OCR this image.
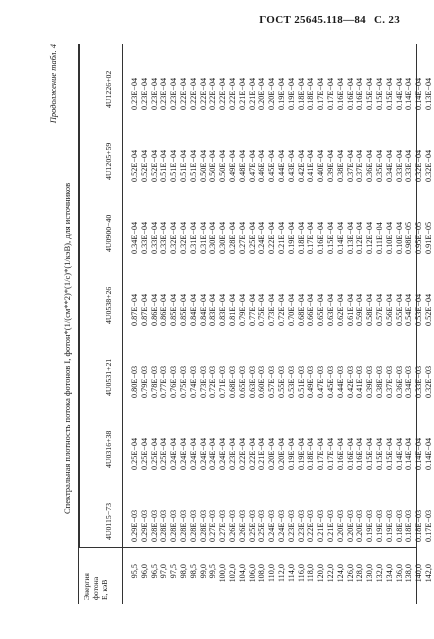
ГОСТ 25645.118—84 С. 23
Продолжение табл. 4
Спектральная плотность потока фотонов I, фотон*(1/(см**2)*(1/с)*(1/кэВ), для источников
Энергия фотона E, кэВ
4U0115−73
4U0316+38
4U0531+21
4U0538+26
4U0900−40
4U1205+59
4U1226+02
95,5 96,0 96,5 97,0 97,5 98,0 98,5 99,0 99,5 100,0 102,0 104,0 106,0 108,0 110,0 112,0 114,0 116,0 118,0 120,0 122,0 124,0 126,0 128,0 130,0 132,0 134,0 136,0 138,0 140,0 142,0
0.29E−03 0.29E−03 0.28E−03 0.28E−03 0.28E−03 0.28E−03 0.28E−03 0.28E−03 0.27E−03 0.27E−03 0.26E−03 0.26E−03 0.25E−03 0.25E−03 0.24E−03 0.24E−03 0.23E−03 0.23E−03 0.22E−03 0.21E−03 0.21E−03 0.20E−03 0.20E−03 0.20E−03 0.19E−03 0.19E−03 0.19E−03 0.18E−03 0.18E−03 0.18E−03 0.17E−03
0.25E−04 0.25E−04 0.25E−04 0.25E−04 0.24E−04 0.24E−04 0.24E−04 0.24E−04 0.24E−04 0.24E−04 0.23E−04 0.22E−04 0.22E−04 0.21E−04 0.20E−04 0.20E−04 0.19E−04 0.19E−04 0.18E−04 0.17E−04 0.17E−04 0.16E−04 0.16E−04 0.16E−04 0.15E−04 0.15E−04 0.15E−04 0.14E−04 0.14E−04 0.14E−04 0.14E−04
0.80E−03 0.79E−03 0.78E−03 0.77E−03 0.76E−03 0.75E−03 0.74E−03 0.73E−03 0.72E−03 0.71E−03 0.68E−03 0.65E−03 0.63E−03 0.60E−03 0.57E−03 0.55E−03 0.53E−03 0.51E−03 0.49E−03 0.47E−03 0.45E−03 0.44E−03 0.42E−03 0.41E−03 0.39E−03 0.38E−03 0.37E−03 0.36E−03 0.34E−03 0.33E−03 0.32E−03
0.87E−04 0.87E−04 0.86E−04 0.86E−04 0.85E−04 0.85E−04 0.84E−04 0.84E−04 0.83E−04 0.83E−04 0.81E−04 0.79E−04 0.77E−04 0.75E−04 0.73E−04 0.72E−04 0.70E−04 0.68E−04 0.66E−04 0.65E−04 0.63E−04 0.62E−04 0.61E−04 0.59E−04 0.58E−04 0.57E−04 0.56E−04 0.55E−04 0.54E−04 0.53E−04 0.52E−04
0.34E−04 0.33E−04 0.33E−04 0.33E−04 0.32E−04 0.32E−04 0.31E−04 0.31E−04 0.30E−04 0.30E−04 0.28E−04 0.27E−04 0.25E−04 0.24E−04 0.22E−04 0.21E−04 0.19E−04 0.18E−04 0.17E−04 0.16E−04 0.15E−04 0.14E−04 0.13E−04 0.12E−04 0.12E−04 0.11E−04 0.10E−04 0.10E−04 0.98E−05 0.95E−05 0.91E−05
0.52E−04 0.52E−04 0.52E−04 0.51E−04 0.51E−04 0.51E−04 0.51E−04 0.50E−04 0.50E−04 0.50E−04 0.49E−04 0.48E−04 0.47E−04 0.46E−04 0.45E−04 0.44E−04 0.43E−04 0.42E−04 0.41E−04 0.40E−04 0.39E−04 0.38E−04 0.37E−04 0.37E−04 0.36E−04 0.35E−04 0.34E−04 0.33E−04 0.33E−04 0.32E−04 0.32E−04
0.23E−04 0.23E−04 0.23E−04 0.23E−04 0.23E−04 0.22E−04 0.22E−04 0.22E−04 0.22E−04 0.22E−04 0.22E−04 0.21E−04 0.21E−04 0.20E−04 0.20E−04 0.19E−04 0.19E−04 0.18E−04 0.18E−04 0.17E−04 0.17E−04 0.16E−04 0.16E−04 0.16E−04 0.15E−04 0.15E−04 0.15E−04 0.14E−04 0.14E−04 0.14E−04 0.13E−04
